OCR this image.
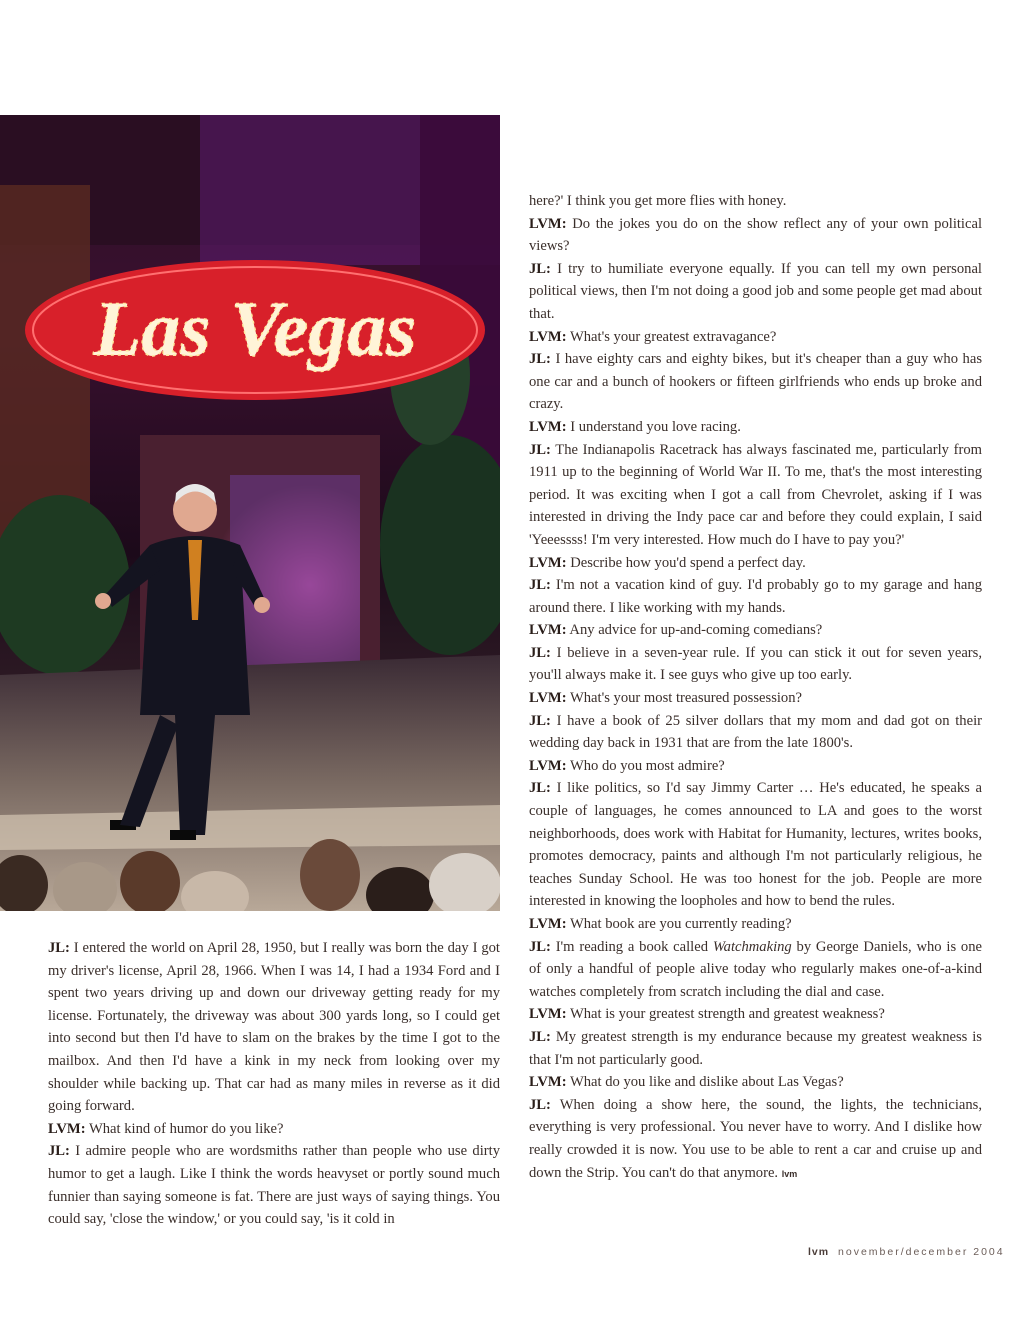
Las Vegas

JL: I entered the world on April 28, 1950, but I really was born the day I got my driver's license, April 28, 1966. When I was 14, I had a 1934 Ford and I spent two years driving up and down our driveway getting ready for my license. Fortunately, the driveway was about 300 yards long, so I could get into second but then I'd have to slam on the brakes by the time I got to the mailbox. And then I'd have a kink in my neck from looking over my shoulder while backing up. That car had as many miles in reverse as it did going forward.

LVM: What kind of humor do you like?

JL: I admire people who are wordsmiths rather than people who use dirty humor to get a laugh. Like I think the words heavyset or portly sound much funnier than saying someone is fat. There are just ways of saying things. You could say, 'close the window,' or you could say, 'is it cold in

here?' I think you get more flies with honey.

LVM: Do the jokes you do on the show reflect any of your own political views?

JL: I try to humiliate everyone equally. If you can tell my own personal political views, then I'm not doing a good job and some people get mad about that.

LVM: What's your greatest extravagance?

JL: I have eighty cars and eighty bikes, but it's cheaper than a guy who has one car and a bunch of hookers or fifteen girlfriends who ends up broke and crazy.

LVM: I understand you love racing.

JL: The Indianapolis Racetrack has always fascinated me, particularly from 1911 up to the beginning of World War II. To me, that's the most interesting period. It was exciting when I got a call from Chevrolet, asking if I was interested in driving the Indy pace car and before they could explain, I said 'Yeeessss! I'm very interested. How much do I have to pay you?'

LVM: Describe how you'd spend a perfect day.

JL: I'm not a vacation kind of guy. I'd probably go to my garage and hang around there. I like working with my hands.

LVM: Any advice for up-and-coming comedians?

JL: I believe in a seven-year rule. If you can stick it out for seven years, you'll always make it. I see guys who give up too early.

LVM: What's your most treasured possession?

JL: I have a book of 25 silver dollars that my mom and dad got on their wedding day back in 1931 that are from the late 1800's.

LVM: Who do you most admire?

JL: I like politics, so I'd say Jimmy Carter … He's educated, he speaks a couple of languages, he comes announced to LA and goes to the worst neighborhoods, does work with Habitat for Humanity, lectures, writes books, promotes democracy, paints and although I'm not particularly religious, he teaches Sunday School. He was too honest for the job. People are more interested in knowing the loopholes and how to bend the rules.

LVM: What book are you currently reading?

JL: I'm reading a book called Watchmaking by George Daniels, who is one of only a handful of people alive today who regularly makes one-of-a-kind watches completely from scratch including the dial and case.

LVM: What is your greatest strength and greatest weakness?

JL: My greatest strength is my endurance because my greatest weakness is that I'm not particularly good.

LVM: What do you like and dislike about Las Vegas?

JL: When doing a show here, the sound, the lights, the technicians, everything is very professional. You never have to worry. And I dislike how really crowded it is now. You use to be able to rent a car and cruise up and down the Strip. You can't do that anymore. lvm

lvm november/december 2004
